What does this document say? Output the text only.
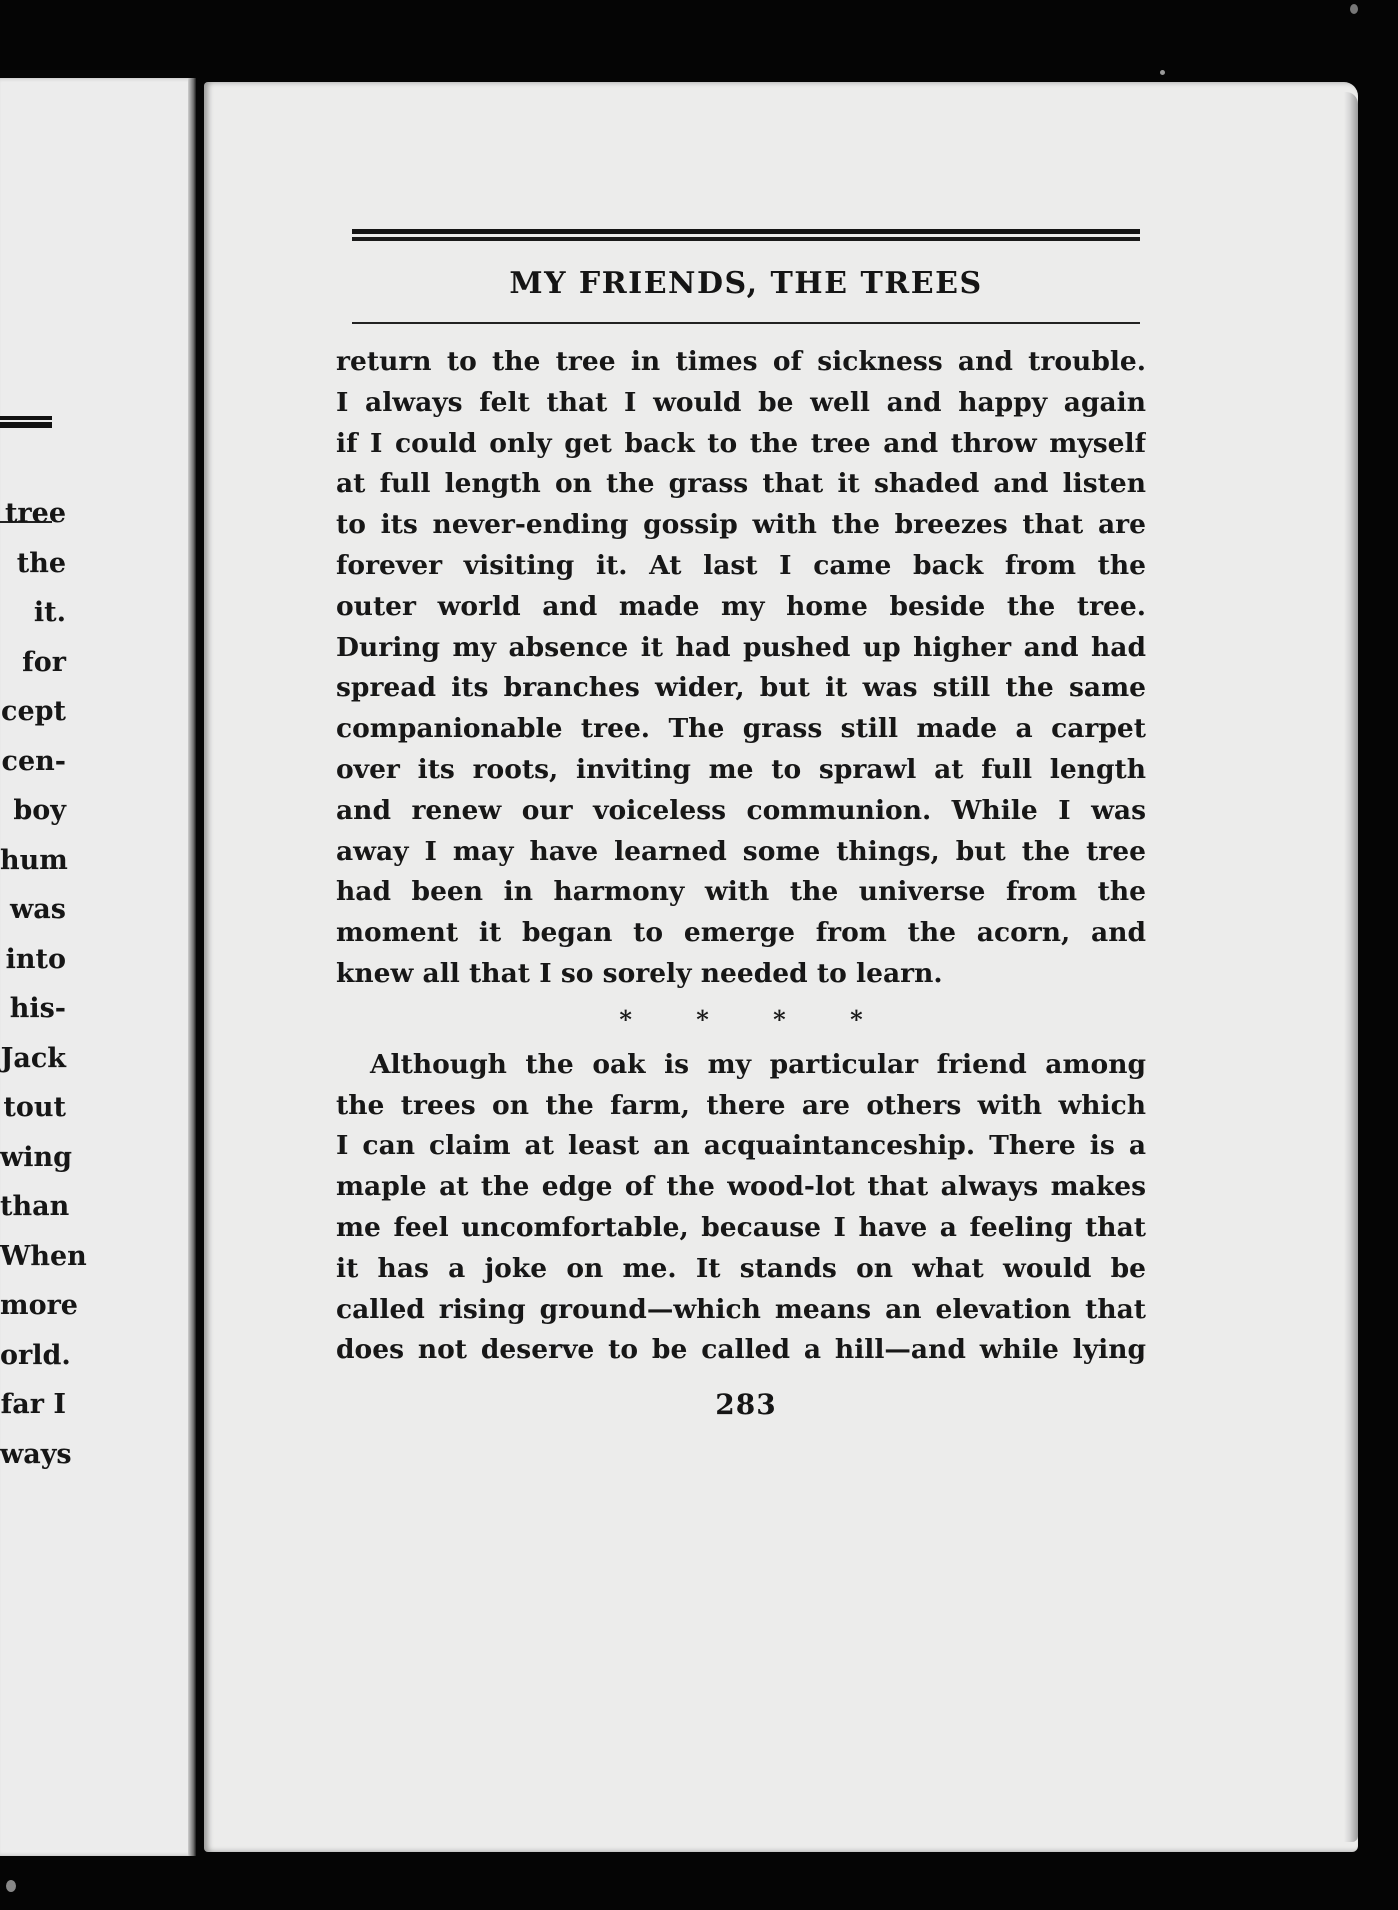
tree
the
it.
for
cept
cen-
boy
hum
was
into
his-
Jack
tout
wing
than
When
more
orld.
far I
ways
MY FRIENDS, THE TREES
return to the tree in times of sickness and trouble.
I always felt that I would be well and happy again
if I could only get back to the tree and throw myself
at full length on the grass that it shaded and listen
to its never-ending gossip with the breezes that are
forever visiting it. At last I came back from the
outer world and made my home beside the tree.
During my absence it had pushed up higher and had
spread its branches wider, but it was still the same
companionable tree. The grass still made a carpet
over its roots, inviting me to sprawl at full length
and renew our voiceless communion. While I was
away I may have learned some things, but the tree
had been in harmony with the universe from the
moment it began to emerge from the acorn, and
knew all that I so sorely needed to learn.
* * * *
Although the oak is my particular friend among
the trees on the farm, there are others with which
I can claim at least an acquaintanceship. There is a
maple at the edge of the wood-lot that always makes
me feel uncomfortable, because I have a feeling that
it has a joke on me. It stands on what would be
called rising ground—which means an elevation that
does not deserve to be called a hill—and while lying
283
